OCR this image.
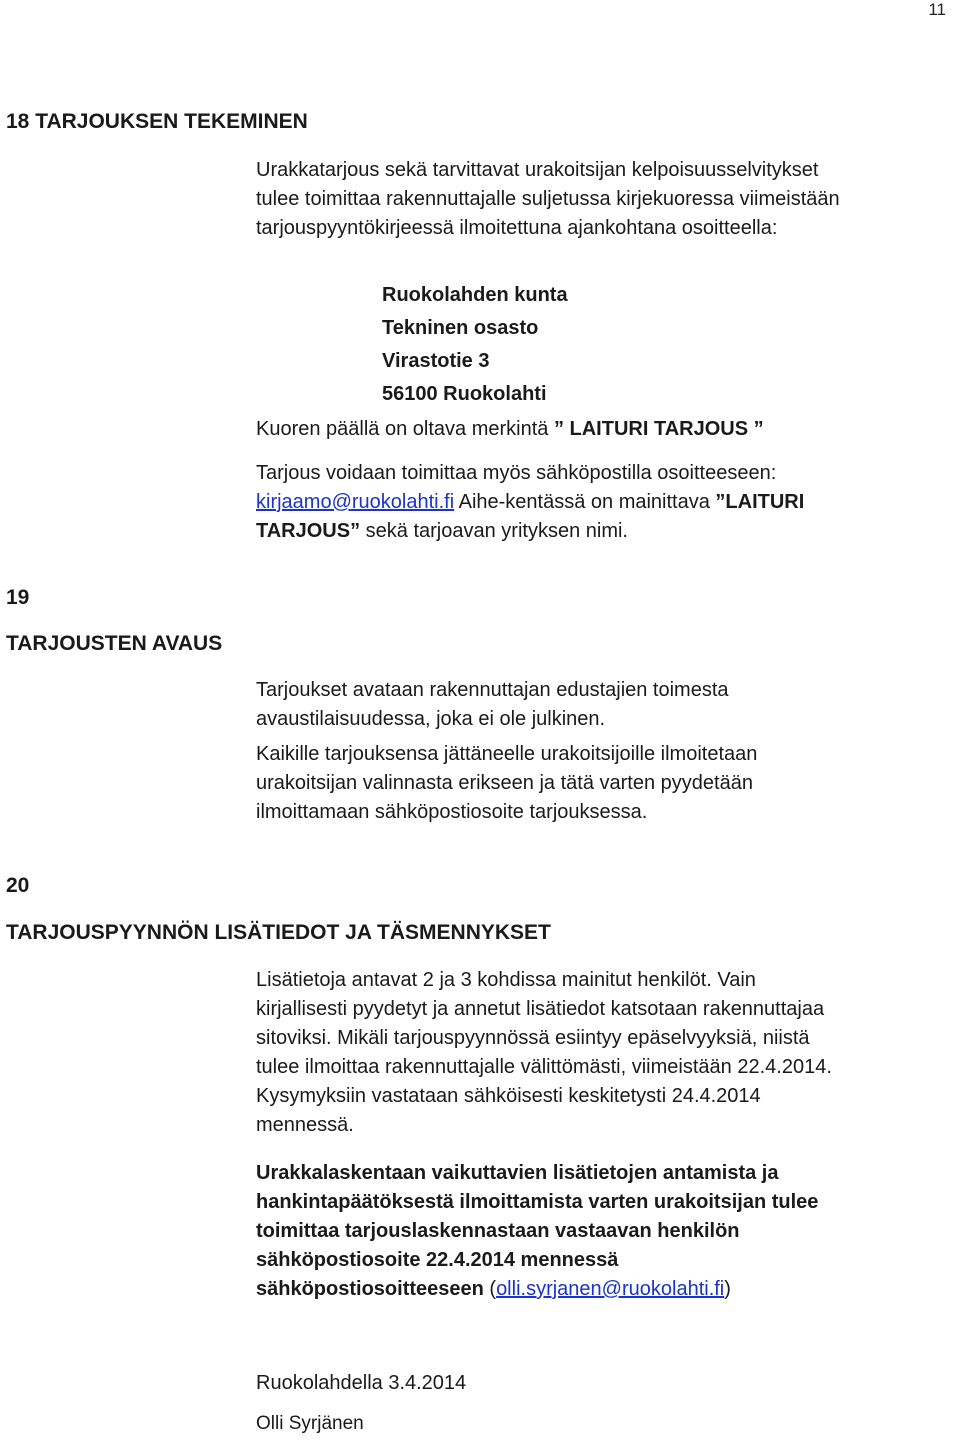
11
18 TARJOUKSEN TEKEMINEN
Urakkatarjous sekä tarvittavat urakoitsijan kelpoisuusselvitykset
tulee toimittaa rakennuttajalle suljetussa kirjekuoressa viimeistään
tarjouspyyntökirjeessä ilmoitettuna ajankohtana osoitteella:
Ruokolahden kunta
Tekninen osasto
Virastotie 3
56100 Ruokolahti
Kuoren päällä on oltava merkintä ” LAITURI TARJOUS ”
Tarjous voidaan toimittaa myös sähköpostilla osoitteeseen:
kirjaamo@ruokolahti.fi Aihe-kentässä on mainittava ”LAITURI
TARJOUS” sekä tarjoavan yrityksen nimi.
19
TARJOUSTEN AVAUS
Tarjoukset avataan rakennuttajan edustajien toimesta
avaustilaisuudessa, joka ei ole julkinen.
Kaikille tarjouksensa jättäneelle urakoitsijoille ilmoitetaan
urakoitsijan valinnasta erikseen ja tätä varten pyydetään
ilmoittamaan sähköpostiosoite tarjouksessa.
20
TARJOUSPYYNNÖN LISÄTIEDOT JA TÄSMENNYKSET
Lisätietoja antavat 2 ja 3 kohdissa mainitut henkilöt. Vain
kirjallisesti pyydetyt ja annetut lisätiedot katsotaan rakennuttajaa
sitoviksi. Mikäli tarjouspyynnössä esiintyy epäselvyyksiä, niistä
tulee ilmoittaa rakennuttajalle välittömästi, viimeistään 22.4.2014.
Kysymyksiin vastataan sähköisesti keskitetysti 24.4.2014
mennessä.
Urakkalaskentaan vaikuttavien lisätietojen antamista ja
hankintapäätöksestä ilmoittamista varten urakoitsijan tulee
toimittaa tarjouslaskennastaan vastaavan henkilön
sähköpostiosoite 22.4.2014 mennessä
sähköpostiosoitteeseen (olli.syrjanen@ruokolahti.fi)
Ruokolahdella 3.4.2014
Olli Syrjänen
